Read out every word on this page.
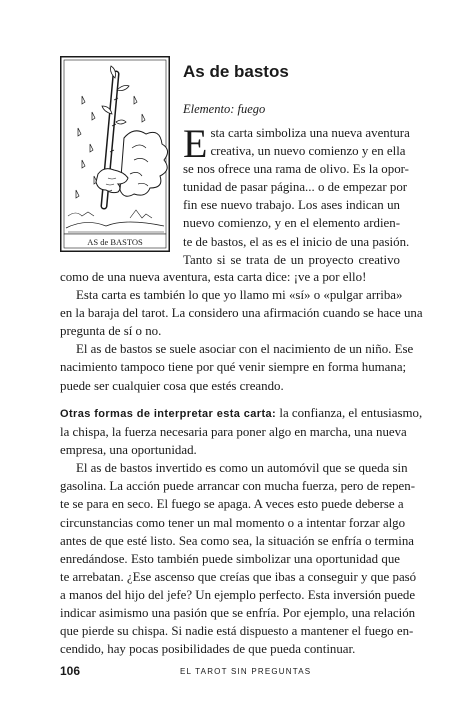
AS de BASTOS
As de bastos
Elemento: fuego
E sta carta simboliza una nueva aventura
creativa, un nuevo comienzo y en ella
se nos ofrece una rama de olivo. Es la opor-
tunidad de pasar página... o de empezar por
fin ese nuevo trabajo. Los ases indican un
nuevo comienzo, y en el elemento ardien-
te de bastos, el as es el inicio de una pasión.
Tanto si se trata de un proyecto creativo
como de una nueva aventura, esta carta dice: ¡ve a por ello!
Esta carta es también lo que yo llamo mi «sí» o «pulgar arriba»
en la baraja del tarot. La considero una afirmación cuando se hace una
pregunta de sí o no.
El as de bastos se suele asociar con el nacimiento de un niño. Ese
nacimiento tampoco tiene por qué venir siempre en forma humana;
puede ser cualquier cosa que estés creando.
Otras formas de interpretar esta carta: la confianza, el entusiasmo,
la chispa, la fuerza necesaria para poner algo en marcha, una nueva
empresa, una oportunidad.
El as de bastos invertido es como un automóvil que se queda sin
gasolina. La acción puede arrancar con mucha fuerza, pero de repen-
te se para en seco. El fuego se apaga. A veces esto puede deberse a
circunstancias como tener un mal momento o a intentar forzar algo
antes de que esté listo. Sea como sea, la situación se enfría o termina
enredándose. Esto también puede simbolizar una oportunidad que
te arrebatan. ¿Ese ascenso que creías que ibas a conseguir y que pasó
a manos del hijo del jefe? Un ejemplo perfecto. Esta inversión puede
indicar asimismo una pasión que se enfría. Por ejemplo, una relación
que pierde su chispa. Si nadie está dispuesto a mantener el fuego en-
cendido, hay pocas posibilidades de que pueda continuar.
106	EL TAROT SIN PREGUNTAS
